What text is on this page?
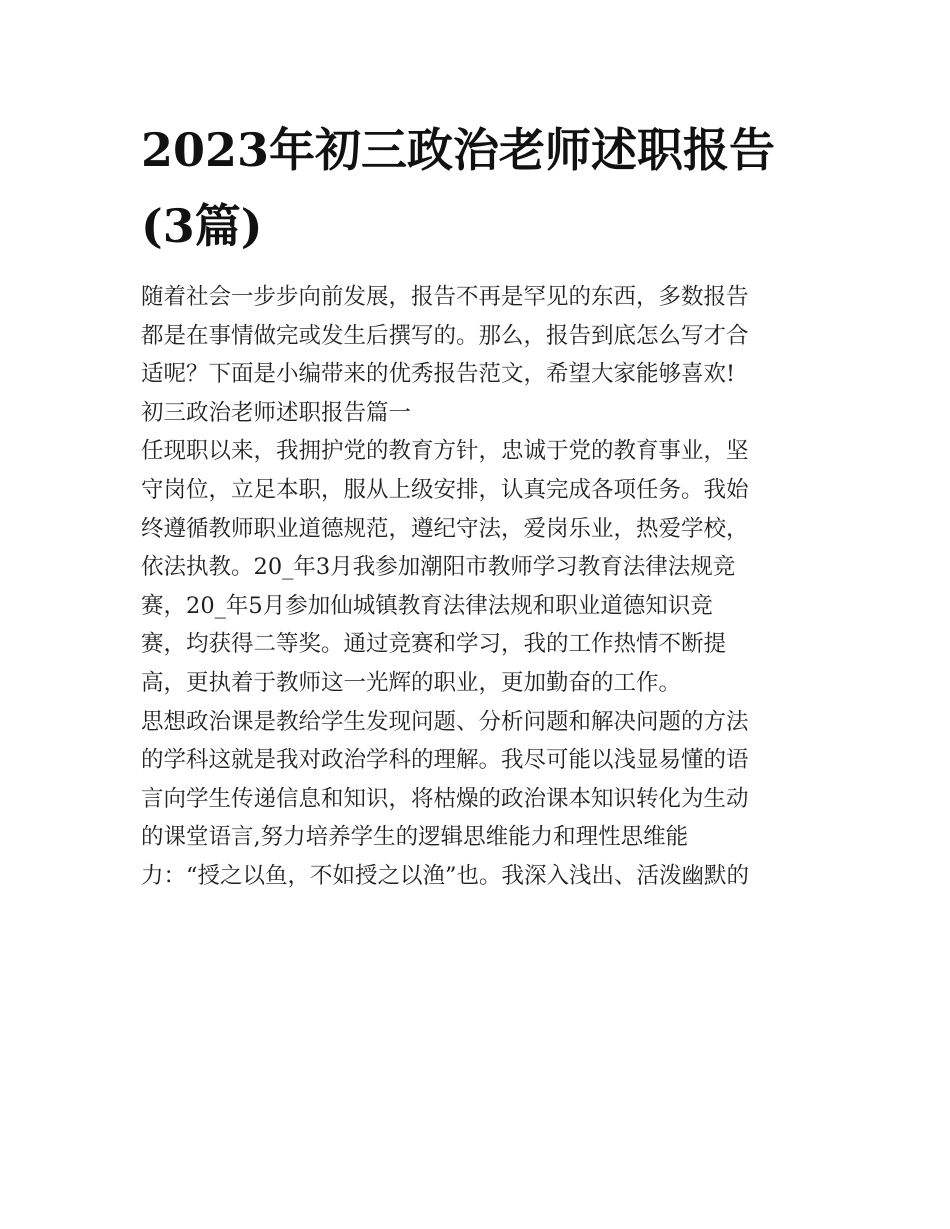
2023年初三政治老师述职报告(3篇)
随着社会一步步向前发展，报告不再是罕见的东西，多数报告
都是在事情做完或发生后撰写的。那么，报告到底怎么写才合
适呢？下面是小编带来的优秀报告范文，希望大家能够喜欢!
初三政治老师述职报告篇一
任现职以来，我拥护党的教育方针，忠诚于党的教育事业，坚
守岗位，立足本职，服从上级安排，认真完成各项任务。我始
终遵循教师职业道德规范，遵纪守法，爱岗乐业，热爱学校，
依法执教。20_年3月我参加潮阳市教师学习教育法律法规竞
赛，20_年5月参加仙城镇教育法律法规和职业道德知识竞
赛，均获得二等奖。通过竞赛和学习，我的工作热情不断提
高，更执着于教师这一光辉的职业，更加勤奋的工作。
思想政治课是教给学生发现问题、分析问题和解决问题的方法
的学科这就是我对政治学科的理解。我尽可能以浅显易懂的语
言向学生传递信息和知识，将枯燥的政治课本知识转化为生动
的课堂语言,努力培养学生的逻辑思维能力和理性思维能
力：“授之以鱼，不如授之以渔”也。我深入浅出、活泼幽默的
